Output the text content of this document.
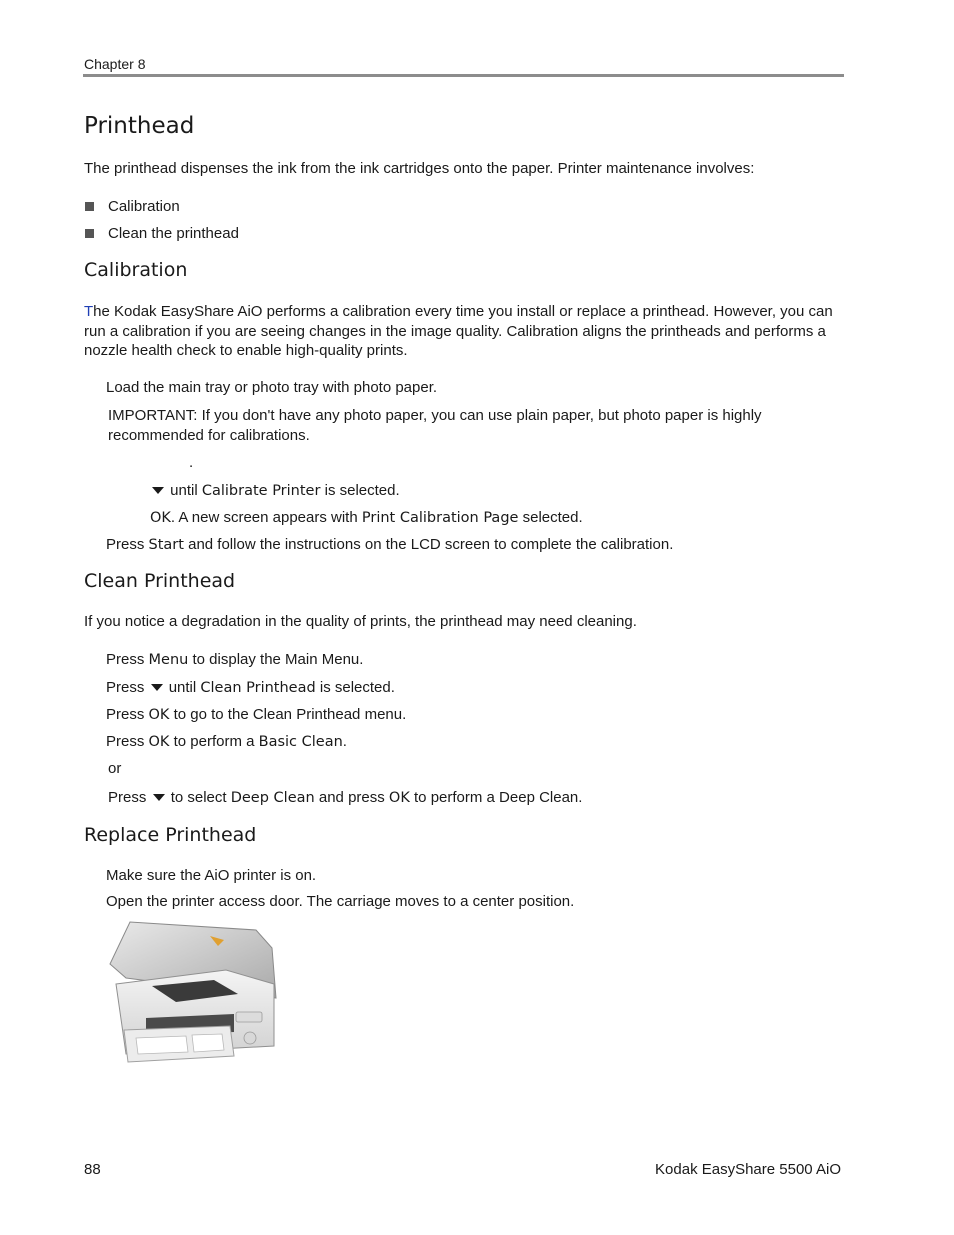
Chapter 8
Printhead
The printhead dispenses the ink from the ink cartridges onto the paper. Printer maintenance involves:
Calibration
Clean the printhead
Calibration
The Kodak EasyShare AiO performs a calibration every time you install or replace a printhead. However, you can run a calibration if you are seeing changes in the image quality. Calibration aligns the printheads and performs a nozzle health check to enable high-quality prints.
Load the main tray or photo tray with photo paper.
IMPORTANT: If you don't have any photo paper, you can use plain paper, but photo paper is highly recommended for calibrations.
.
until Calibrate Printer is selected.
OK. A new screen appears with Print Calibration Page selected.
Press Start and follow the instructions on the LCD screen to complete the calibration.
Clean Printhead
If you notice a degradation in the quality of prints, the printhead may need cleaning.
Press Menu to display the Main Menu.
Press  until Clean Printhead is selected.
Press OK to go to the Clean Printhead menu.
Press OK to perform a Basic Clean.
or
Press  to select Deep Clean and press OK to perform a Deep Clean.
Replace Printhead
Make sure the AiO printer is on.
Open the printer access door. The carriage moves to a center position.
88	Kodak EasyShare 5500 AiO
